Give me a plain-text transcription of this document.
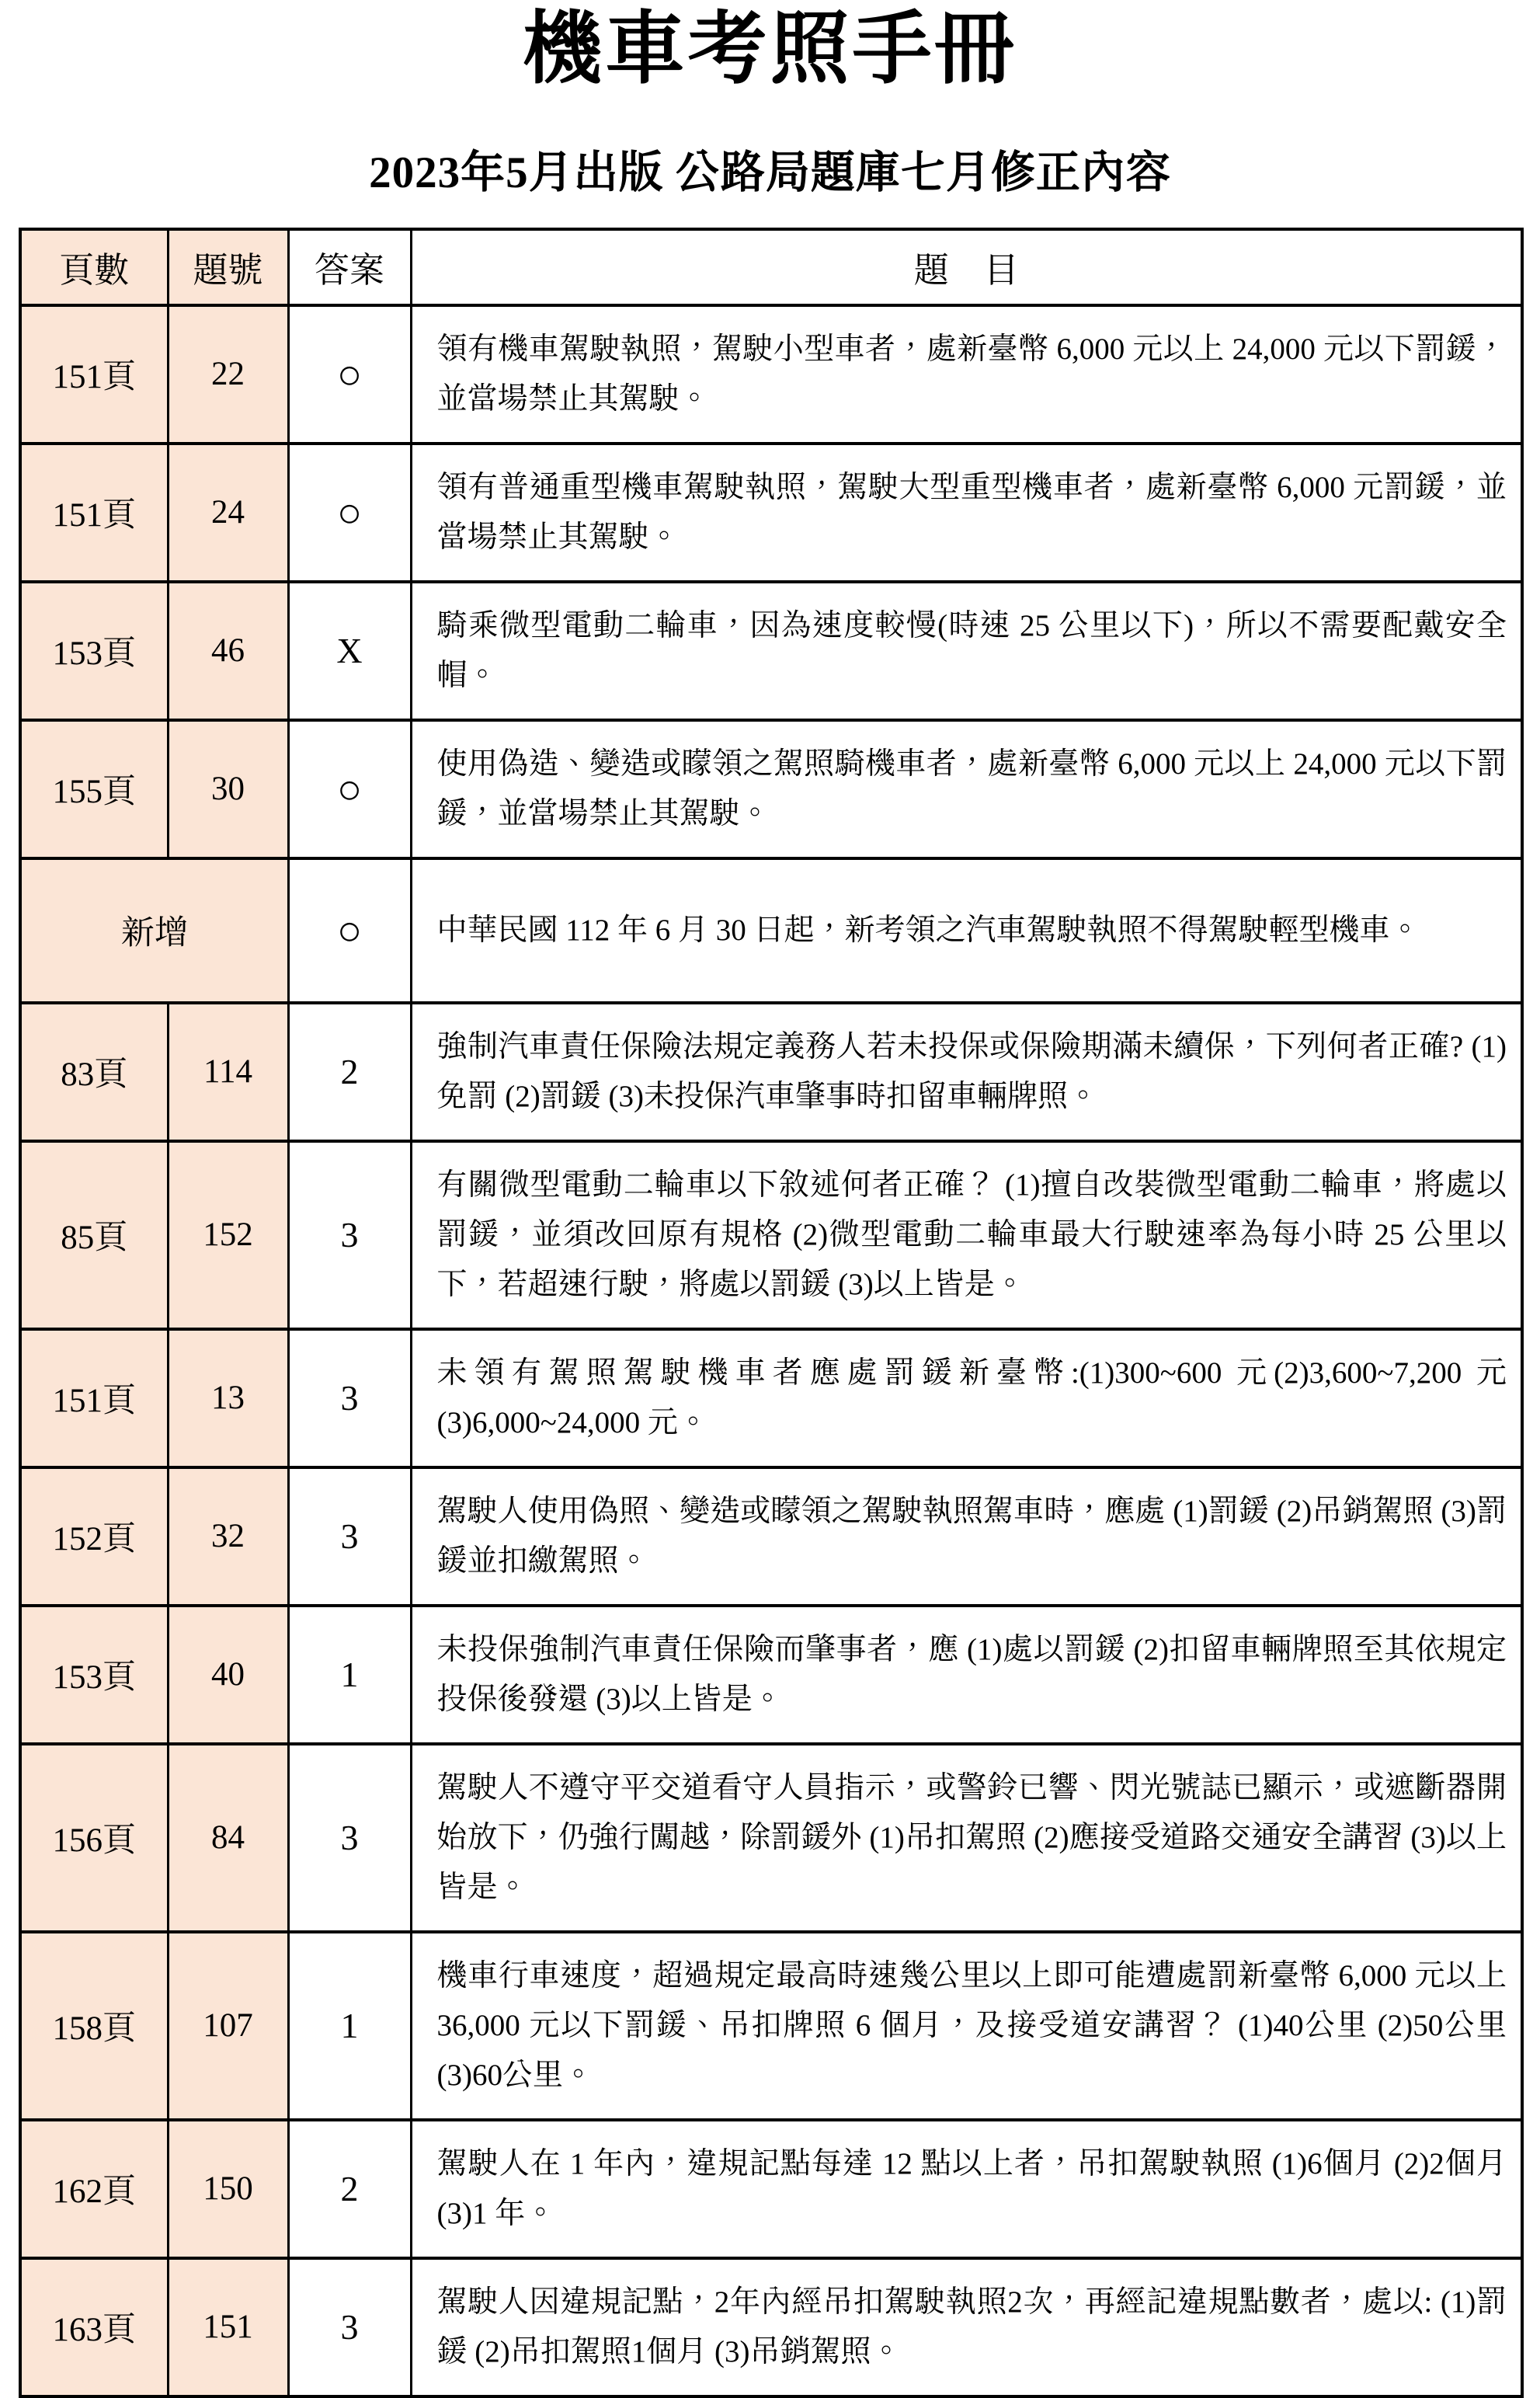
機車考照手冊
2023年5月出版 公路局題庫七月修正內容
頁數	題號	答案	題　目
151頁	22	○	領有機車駕駛執照，駕駛小型車者，處新臺幣 6,000 元以上 24,000 元以下罰鍰，並當場禁止其駕駛。
151頁	24	○	領有普通重型機車駕駛執照，駕駛大型重型機車者，處新臺幣 6,000 元罰鍰，並當場禁止其駕駛。
153頁	46	X	騎乘微型電動二輪車，因為速度較慢(時速 25 公里以下)，所以不需要配戴安全帽。
155頁	30	○	使用偽造、變造或矇領之駕照騎機車者，處新臺幣 6,000 元以上 24,000 元以下罰鍰，並當場禁止其駕駛。
新增		○	中華民國 112 年 6 月 30 日起，新考領之汽車駕駛執照不得駕駛輕型機車。
83頁	114	2	強制汽車責任保險法規定義務人若未投保或保險期滿未續保，下列何者正確? (1)免罰 (2)罰鍰 (3)未投保汽車肇事時扣留車輛牌照。
85頁	152	3	有關微型電動二輪車以下敘述何者正確？ (1)擅自改裝微型電動二輪車，將處以罰鍰，並須改回原有規格 (2)微型電動二輪車最大行駛速率為每小時 25 公里以下，若超速行駛，將處以罰鍰 (3)以上皆是。
151頁	13	3	未領有駕照駕駛機車者應處罰鍰新臺幣:(1)300~600 元(2)3,600~7,200 元(3)6,000~24,000 元。
152頁	32	3	駕駛人使用偽照、變造或矇領之駕駛執照駕車時，應處 (1)罰鍰 (2)吊銷駕照 (3)罰鍰並扣繳駕照。
153頁	40	1	未投保強制汽車責任保險而肇事者，應 (1)處以罰鍰 (2)扣留車輛牌照至其依規定投保後發還 (3)以上皆是。
156頁	84	3	駕駛人不遵守平交道看守人員指示，或警鈴已響、閃光號誌已顯示，或遮斷器開始放下，仍強行闖越，除罰鍰外 (1)吊扣駕照 (2)應接受道路交通安全講習 (3)以上皆是。
158頁	107	1	機車行車速度，超過規定最高時速幾公里以上即可能遭處罰新臺幣 6,000 元以上36,000 元以下罰鍰、吊扣牌照 6 個月，及接受道安講習？ (1)40公里 (2)50公里 (3)60公里。
162頁	150	2	駕駛人在 1 年內，違規記點每達 12 點以上者，吊扣駕駛執照 (1)6個月 (2)2個月 (3)1 年。
163頁	151	3	駕駛人因違規記點，2年內經吊扣駕駛執照2次，再經記違規點數者，處以: (1)罰鍰 (2)吊扣駕照1個月 (3)吊銷駕照。
